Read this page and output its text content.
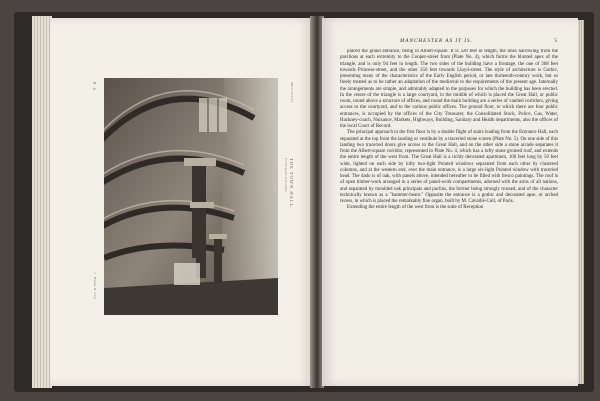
THE TOWN HALL.
Principal Corridor.
P. 4
J. Mudd & Son
Manchester
MANCHESTER AS IT IS.	5

placed the grand entrance, being in Albert-square. It is 328 feet in length, the lines narrowing from the pavilions at each extremity to the Cooper-street front (Plate No. 4), which forms the blunted apex of the triangle, and is only 94 feet in length. The two sides of the building have a frontage, the one of 368 feet towards Princess-street, and the other 350 feet towards Lloyd-street. The style of architecture is Gothic, presenting many of the characteristics of the Early English period, or late thirteenth-century work, but so freely treated as to be rather an adaptation of the mediæval to the requirements of the present age. Internally the arrangements are simple, and admirably adapted to the purposes for which the building has been erected. In the centre of the triangle is a large courtyard, in the middle of which is placed the Great Hall, or public room, round above a structure of offices, and round the main building are a series of vaulted corridors, giving access to the courtyard, and to the various public offices. The ground floor, to which there are four public entrances, is occupied by the offices of the City Treasurer, the Consolidated Stock, Police, Gas, Water, Hackney-coach, Nuisance, Markets, Highways, Building, Sanitary and Health departments, also the offices of the local Court of Record.

The principal approach to the first floor is by a double flight of stairs leading from the Entrance Hall, each separated at the top from the landing or vestibule by a traceried stone screen (Plate No. 5). On one side of this landing two traceried doors give access to the Great Hall, and on the other side a stone arcade separates it from the Albert-square corridor, represented in Plate No. 4, which has a lofty stone groined roof, and extends the entire length of the west front. The Great Hall is a richly decorated apartment, 100 feet long by 50 feet wide, lighted on each side by lofty two-light Pointed windows separated from each other by clustered columns, and at the western end, over the main entrance, is a large six-light Pointed window with traceried head. The dado is of oak, with panels above, intended hereafter to be filled with fresco paintings. The roof is of open timber-work arranged in a series of panel-work compartments, adorned with the arms of all nations, and separated by moulded oak principals and purlins, the former being strongly trussed, and of the character technically known as a "hammer-beam." Opposite the entrance is a gothic and decorated apse, or arched recess, in which is placed the remarkably fine organ, built by M. Cavaillé-Coll, of Paris.

Extending the entire length of the west front is the suite of Reception
